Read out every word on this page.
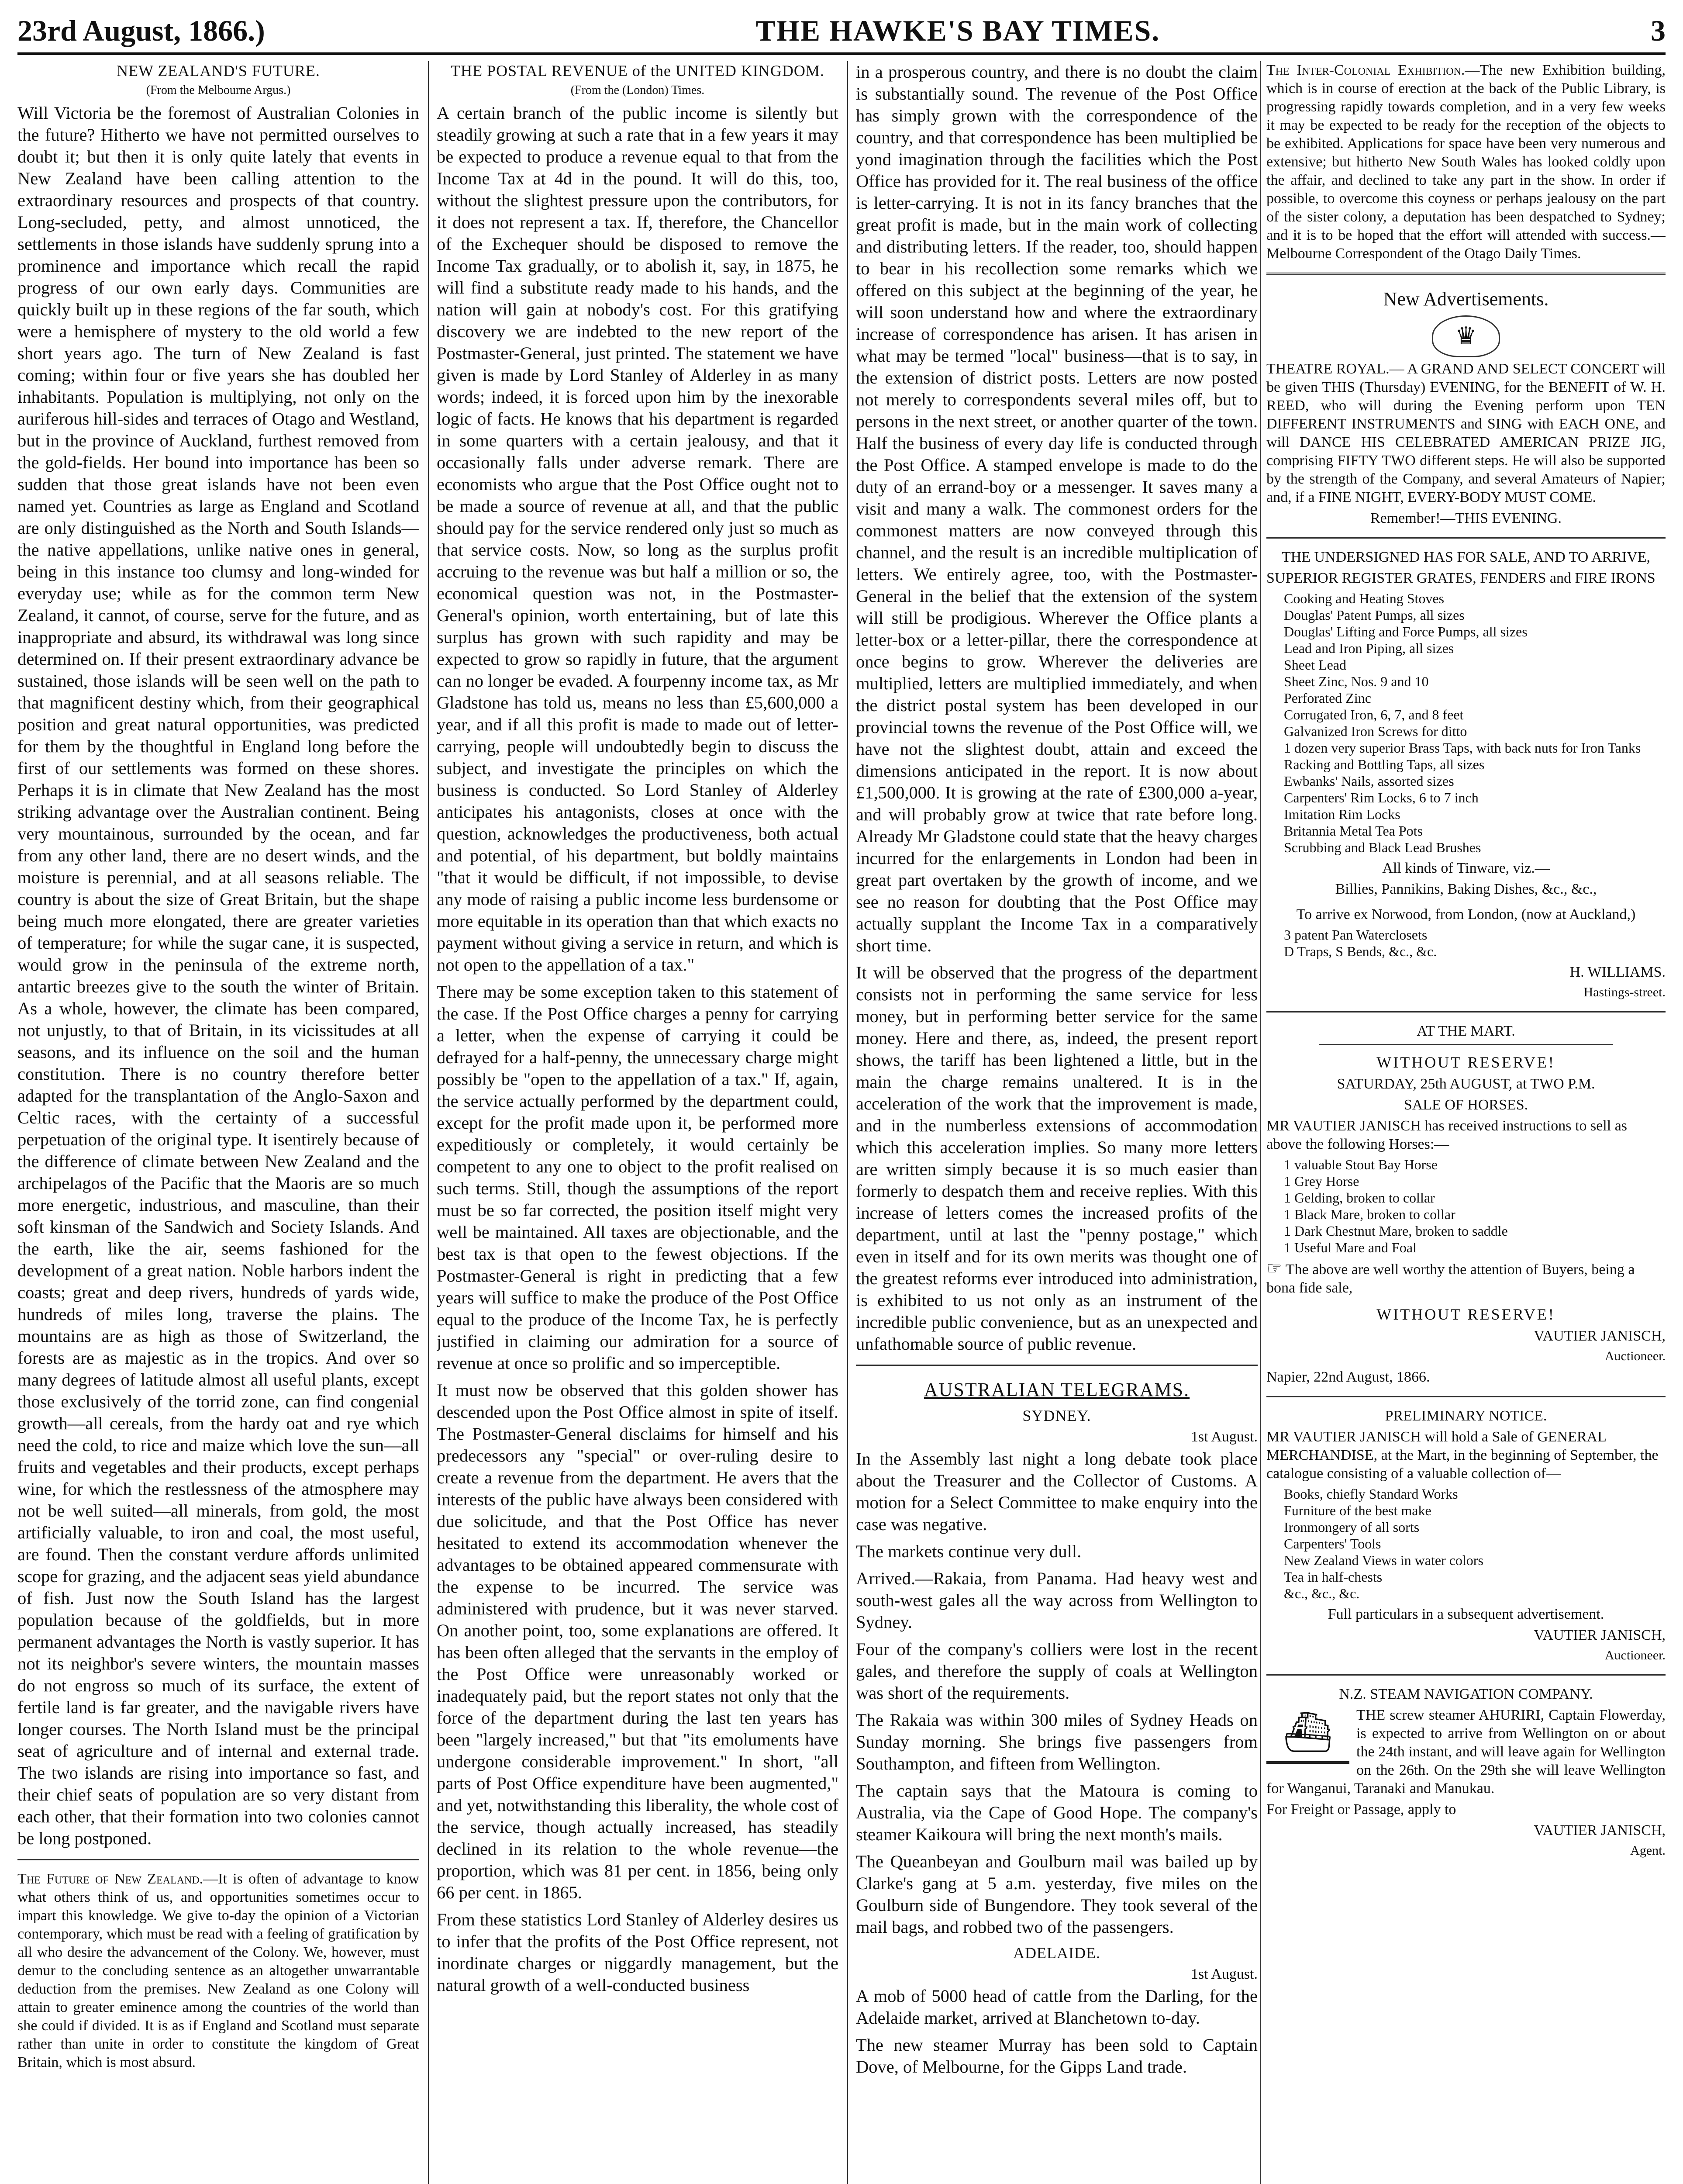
23rd August, 1866.)	THE HAWKE'S BAY TIMES.	3
NEW ZEALAND'S FUTURE.
(From the Melbourne Argus.)

Will Victoria be the foremost of Australian Colonies in the future? Hitherto we have not permitted ourselves to doubt it; but then it is only quite lately that events in New Zealand have been calling attention to the extraordinary resources and prospects of that country. Long-secluded, petty, and almost unnoticed, the settlements in those islands have suddenly sprung into a prominence and importance which recall the rapid progress of our own early days. Communities are quickly built up in these regions of the far south, which were a hemisphere of mystery to the old world a few short years ago. The turn of New Zealand is fast coming; within four or five years she has doubled her inhabitants. Population is multiplying, not only on the auriferous hill-sides and terraces of Otago and Westland, but in the province of Auckland, furthest removed from the gold-fields. Her bound into importance has been so sudden that those great islands have not been even named yet. Countries as large as England and Scotland are only distinguished as the North and South Islands—the native appellations, unlike native ones in general, being in this instance too clumsy and long-winded for everyday use; while as for the common term New Zealand, it cannot, of course, serve for the future, and as inappropriate and absurd, its withdrawal was long since determined on. If their present extraordinary advance be sustained, those islands will be seen well on the path to that magnificent destiny which, from their geographical position and great natural opportunities, was predicted for them by the thoughtful in England long before the first of our settlements was formed on these shores. Perhaps it is in climate that New Zealand has the most striking advantage over the Australian continent. Being very mountainous, surrounded by the ocean, and far from any other land, there are no desert winds, and the moisture is perennial, and at all seasons reliable. The country is about the size of Great Britain, but the shape being much more elongated, there are greater varieties of temperature; for while the sugar cane, it is suspected, would grow in the peninsula of the extreme north, antartic breezes give to the south the winter of Britain. As a whole, however, the climate has been compared, not unjustly, to that of Britain, in its vicissitudes at all seasons, and its influence on the soil and the human constitution. There is no country therefore better adapted for the transplantation of the Anglo-Saxon and Celtic races, with the certainty of a successful perpetuation of the original type. It isentirely because of the difference of climate between New Zealand and the archipelagos of the Pacific that the Maoris are so much more energetic, industrious, and masculine, than their soft kinsman of the Sandwich and Society Islands. And the earth, like the air, seems fashioned for the development of a great nation. Noble harbors indent the coasts; great and deep rivers, hundreds of yards wide, hundreds of miles long, traverse the plains. The mountains are as high as those of Switzerland, the forests are as majestic as in the tropics. And over so many degrees of latitude almost all useful plants, except those exclusively of the torrid zone, can find congenial growth—all cereals, from the hardy oat and rye which need the cold, to rice and maize which love the sun—all fruits and vegetables and their products, except perhaps wine, for which the restlessness of the atmosphere may not be well suited—all minerals, from gold, the most artificially valuable, to iron and coal, the most useful, are found. Then the constant verdure affords unlimited scope for grazing, and the adjacent seas yield abundance of fish. Just now the South Island has the largest population because of the goldfields, but in more permanent advantages the North is vastly superior. It has not its neighbor's severe winters, the mountain masses do not engross so much of its surface, the extent of fertile land is far greater, and the navigable rivers have longer courses. The North Island must be the principal seat of agriculture and of internal and external trade. The two islands are rising into importance so fast, and their chief seats of population are so very distant from each other, that their formation into two colonies cannot be long postponed.

The Future of New Zealand.—It is often of advantage to know what others think of us, and opportunities sometimes occur to impart this knowledge. We give to-day the opinion of a Victorian contemporary, which must be read with a feeling of gratification by all who desire the advancement of the Colony. We, however, must demur to the concluding sentence as an altogether unwarrantable deduction from the premises. New Zealand as one Colony will attain to greater eminence among the countries of the world than she could if divided. It is as if England and Scotland must separate rather than unite in order to constitute the kingdom of Great Britain, which is most absurd.

THE POSTAL REVENUE of the UNITED KINGDOM.
(From the (London) Times.

A certain branch of the public income is silently but steadily growing at such a rate that in a few years it may be expected to produce a revenue equal to that from the Income Tax at 4d in the pound. It will do this, too, without the slightest pressure upon the contributors, for it does not represent a tax. If, therefore, the Chancellor of the Exchequer should be disposed to remove the Income Tax gradually, or to abolish it, say, in 1875, he will find a substitute ready made to his hands, and the nation will gain at nobody's cost. For this gratifying discovery we are indebted to the new report of the Postmaster-General, just printed. The statement we have given is made by Lord Stanley of Alderley in as many words; indeed, it is forced upon him by the inexorable logic of facts. He knows that his department is regarded in some quarters with a certain jealousy, and that it occasionally falls under adverse remark. There are economists who argue that the Post Office ought not to be made a source of revenue at all, and that the public should pay for the service rendered only just so much as that service costs. Now, so long as the surplus profit accruing to the revenue was but half a million or so, the economical question was not, in the Postmaster-General's opinion, worth entertaining, but of late this surplus has grown with such rapidity and may be expected to grow so rapidly in future, that the argument can no longer be evaded. A fourpenny income tax, as Mr Gladstone has told us, means no less than £5,600,000 a year, and if all this profit is made to made out of letter-carrying, people will undoubtedly begin to discuss the subject, and investigate the principles on which the business is conducted. So Lord Stanley of Alderley anticipates his antagonists, closes at once with the question, acknowledges the productiveness, both actual and potential, of his department, but boldly maintains "that it would be difficult, if not impossible, to devise any mode of raising a public income less burdensome or more equitable in its operation than that which exacts no payment without giving a service in return, and which is not open to the appellation of a tax."

There may be some exception taken to this statement of the case. If the Post Office charges a penny for carrying a letter, when the expense of carrying it could be defrayed for a half-penny, the unnecessary charge might possibly be "open to the appellation of a tax." If, again, the service actually performed by the department could, except for the profit made upon it, be performed more expeditiously or completely, it would certainly be competent to any one to object to the profit realised on such terms. Still, though the assumptions of the report must be so far corrected, the position itself might very well be maintained. All taxes are objectionable, and the best tax is that open to the fewest objections. If the Postmaster-General is right in predicting that a few years will suffice to make the produce of the Post Office equal to the produce of the Income Tax, he is perfectly justified in claiming our admiration for a source of revenue at once so prolific and so imperceptible.

It must now be observed that this golden shower has descended upon the Post Office almost in spite of itself. The Postmaster-General disclaims for himself and his predecessors any "special" or over-ruling desire to create a revenue from the department. He avers that the interests of the public have always been considered with due solicitude, and that the Post Office has never hesitated to extend its accommodation whenever the advantages to be obtained appeared commensurate with the expense to be incurred. The service was administered with prudence, but it was never starved. On another point, too, some explanations are offered. It has been often alleged that the servants in the employ of the Post Office were unreasonably worked or inadequately paid, but the report states not only that the force of the department during the last ten years has been "largely increased," but that "its emoluments have undergone considerable improvement." In short, "all parts of Post Office expenditure have been augmented," and yet, notwithstanding this liberality, the whole cost of the service, though actually increased, has steadily declined in its relation to the whole revenue—the proportion, which was 81 per cent. in 1856, being only 66 per cent. in 1865.

From these statistics Lord Stanley of Alderley desires us to infer that the profits of the Post Office represent, not inordinate charges or niggardly management, but the natural growth of a well-conducted business

in a prosperous country, and there is no doubt the claim is substantially sound. The revenue of the Post Office has simply grown with the correspondence of the country, and that correspondence has been multiplied be yond imagination through the facilities which the Post Office has provided for it. The real business of the office is letter-carrying. It is not in its fancy branches that the great profit is made, but in the main work of collecting and distributing letters. If the reader, too, should happen to bear in his recollection some remarks which we offered on this subject at the beginning of the year, he will soon understand how and where the extraordinary increase of correspondence has arisen. It has arisen in what may be termed "local" business—that is to say, in the extension of district posts. Letters are now posted not merely to correspondents several miles off, but to persons in the next street, or another quarter of the town. Half the business of every day life is conducted through the Post Office. A stamped envelope is made to do the duty of an errand-boy or a messenger. It saves many a visit and many a walk. The commonest orders for the commonest matters are now conveyed through this channel, and the result is an incredible multiplication of letters. We entirely agree, too, with the Postmaster-General in the belief that the extension of the system will still be prodigious. Wherever the Office plants a letter-box or a letter-pillar, there the correspondence at once begins to grow. Wherever the deliveries are multiplied, letters are multiplied immediately, and when the district postal system has been developed in our provincial towns the revenue of the Post Office will, we have not the slightest doubt, attain and exceed the dimensions anticipated in the report. It is now about £1,500,000. It is growing at the rate of £300,000 a-year, and will probably grow at twice that rate before long. Already Mr Gladstone could state that the heavy charges incurred for the enlargements in London had been in great part overtaken by the growth of income, and we see no reason for doubting that the Post Office may actually supplant the Income Tax in a comparatively short time.

It will be observed that the progress of the department consists not in performing the same service for less money, but in performing better service for the same money. Here and there, as, indeed, the present report shows, the tariff has been lightened a little, but in the main the charge remains unaltered. It is in the acceleration of the work that the improvement is made, and in the numberless extensions of accommodation which this acceleration implies. So many more letters are written simply because it is so much easier than formerly to despatch them and receive replies. With this increase of letters comes the increased profits of the department, until at last the "penny postage," which even in itself and for its own merits was thought one of the greatest reforms ever introduced into administration, is exhibited to us not only as an instrument of the incredible public convenience, but as an unexpected and unfathomable source of public revenue.

AUSTRALIAN TELEGRAMS.
SYDNEY.
1st August.

In the Assembly last night a long debate took place about the Treasurer and the Collector of Customs. A motion for a Select Committee to make enquiry into the case was negative.

The markets continue very dull.

Arrived.—Rakaia, from Panama. Had heavy west and south-west gales all the way across from Wellington to Sydney.

Four of the company's colliers were lost in the recent gales, and therefore the supply of coals at Wellington was short of the requirements.

The Rakaia was within 300 miles of Sydney Heads on Sunday morning. She brings five passengers from Southampton, and fifteen from Wellington.

The captain says that the Matoura is coming to Australia, via the Cape of Good Hope. The company's steamer Kaikoura will bring the next month's mails.

The Queanbeyan and Goulburn mail was bailed up by Clarke's gang at 5 a.m. yesterday, five miles on the Goulburn side of Bungendore. They took several of the mail bags, and robbed two of the passengers.

ADELAIDE.
1st August.

A mob of 5000 head of cattle from the Darling, for the Adelaide market, arrived at Blanchetown to-day.

The new steamer Murray has been sold to Captain Dove, of Melbourne, for the Gipps Land trade.

The Inter-Colonial Exhibition.—The new Exhibition building, which is in course of erection at the back of the Public Library, is progressing rapidly towards completion, and in a very few weeks it may be expected to be ready for the reception of the objects to be exhibited. Applications for space have been very numerous and extensive; but hitherto New South Wales has looked coldly upon the affair, and declined to take any part in the show. In order if possible, to overcome this coyness or perhaps jealousy on the part of the sister colony, a deputation has been despatched to Sydney; and it is to be hoped that the effort will attended with success.—Melbourne Correspondent of the Otago Daily Times.

New Advertisements.
♛

THEATRE ROYAL.— A GRAND AND SELECT CONCERT will be given THIS (Thursday) EVENING, for the BENEFIT of W. H. REED, who will during the Evening perform upon TEN DIFFERENT INSTRUMENTS and SING with EACH ONE, and will DANCE HIS CELEBRATED AMERICAN PRIZE JIG, comprising FIFTY TWO different steps. He will also be supported by the strength of the Company, and several Amateurs of Napier; and, if a FINE NIGHT, EVERY-BODY MUST COME.

Remember!—THIS EVENING.
THE UNDERSIGNED HAS FOR SALE, AND TO ARRIVE,

SUPERIOR REGISTER GRATES, FENDERS and FIRE IRONS

Cooking and Heating Stoves
Douglas' Patent Pumps, all sizes
Douglas' Lifting and Force Pumps, all sizes
Lead and Iron Piping, all sizes
Sheet Lead
Sheet Zinc, Nos. 9 and 10
Perforated Zinc
Corrugated Iron, 6, 7, and 8 feet
Galvanized Iron Screws for ditto
1 dozen very superior Brass Taps, with back nuts for Iron Tanks
Racking and Bottling Taps, all sizes
Ewbanks' Nails, assorted sizes
Carpenters' Rim Locks, 6 to 7 inch
Imitation Rim Locks
Britannia Metal Tea Pots
Scrubbing and Black Lead Brushes
All kinds of Tinware, viz.—
Billies, Pannikins, Baking Dishes, &c., &c.,
To arrive ex Norwood, from London, (now at Auckland,)
3 patent Pan Waterclosets
D Traps, S Bends, &c., &c.
H. WILLIAMS.
Hastings-street.
AT THE MART.
WITHOUT RESERVE!
SATURDAY, 25th AUGUST, at TWO P.M.
SALE OF HORSES.

MR VAUTIER JANISCH has received instructions to sell as above the following Horses:—

1 valuable Stout Bay Horse
1 Grey Horse
1 Gelding, broken to collar
1 Black Mare, broken to collar
1 Dark Chestnut Mare, broken to saddle
1 Useful Mare and Foal

☞ The above are well worthy the attention of Buyers, being a bona fide sale,

WITHOUT RESERVE!
VAUTIER JANISCH,
Auctioneer.
Napier, 22nd August, 1866.
PRELIMINARY NOTICE.

MR VAUTIER JANISCH will hold a Sale of GENERAL MERCHANDISE, at the Mart, in the beginning of September, the catalogue consisting of a valuable collection of—

Books, chiefly Standard Works
Furniture of the best make
Ironmongery of all sorts
Carpenters' Tools
New Zealand Views in water colors
Tea in half-chests
&c., &c., &c.
Full particulars in a subsequent advertisement.
VAUTIER JANISCH,
Auctioneer.
N.Z. STEAM NAVIGATION COMPANY.
⛴	THE screw steamer AHURIRI, Captain Flowerday, is expected to arrive from Wellington on or about the 24th instant, and will leave again for Wellington on the 26th. On the 29th she will leave Wellington for Wanganui, Taranaki and Manukau.

For Freight or Passage, apply to
VAUTIER JANISCH,
Agent.
